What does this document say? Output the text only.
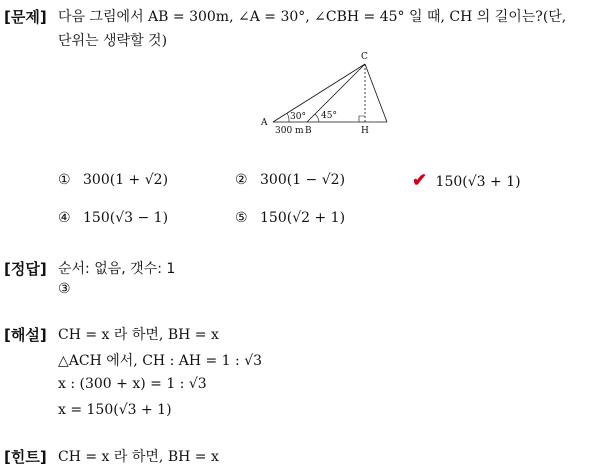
[문제] 다음 그림에서 AB = 300m, ∠A = 30°, ∠CBH = 45° 일 때, CH 의 길이는?(단,
단위는 생략할 것)
C
A
B	H
30° 45°
300 m
① 300(1 + √2)	② 300(1 − √2)	✔ 150(√3 + 1)
④ 150(√3 − 1)	⑤ 150(√2 + 1)
[정답] 순서: 없음, 갯수: 1
③
[해설] CH = x 라 하면, BH = x
△ACH 에서, CH : AH = 1 : √3
x : (300 + x) = 1 : √3
x = 150(√3 + 1)
[힌트] CH = x 라 하면, BH = x
